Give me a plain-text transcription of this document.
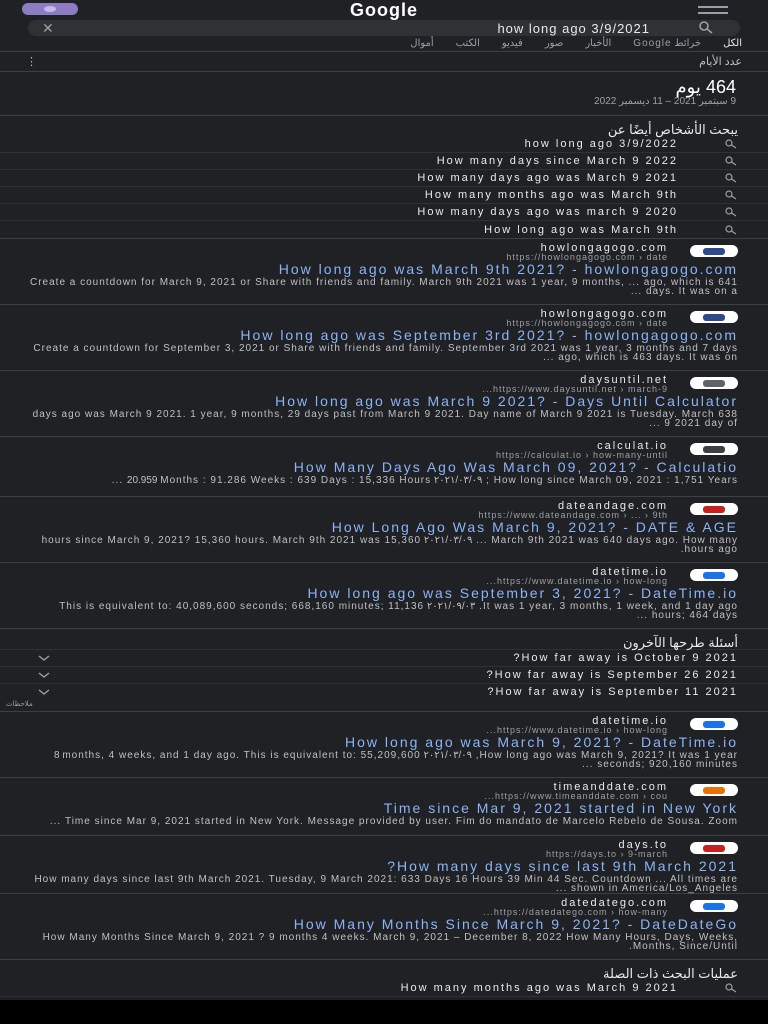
Google
how long ago 3/9/2021
✕
الكل
خرائط Google
الأخبار
صور
فيديو
الكتب
أموال
عدد الأيام
⋮
464 يوم
9 سبتمبر 2021 – 11 ديسمبر 2022
يبحث الأشخاص أيضًا عن
how long ago 3/9/2022
How many days since March 9 2022
How many days ago was March 9 2021
How many months ago was March 9th
How many days ago was march 9 2020
How long ago was March 9th
howlongagogo.com
https://howlongagogo.com › date
How long ago was March 9th 2021? - howlongagogo.com
Create a countdown for March 9, 2021 or Share with friends and family. March 9th 2021 was 1 year, 9 months, ... ago, which is 641 days. It was on a ...
howlongagogo.com
https://howlongagogo.com › date
How long ago was September 3rd 2021? - howlongagogo.com
Create a countdown for September 3, 2021 or Share with friends and family. September 3rd 2021 was 1 year, 3 months and 7 days ago, which is 463 days. It was on ...
daysuntil.net
https://www.daysuntil.net › march-9...
How long ago was March 9 2021? - Days Until Calculator
638 days ago was March 9 2021. 1 year, 9 months, 29 days past from March 9 2021. Day name of March 9 2021 is Tuesday. March 9 2021 day of ...
calculat.io
https://calculat.io › how-many-until
How Many Days Ago Was March 09, 2021? - Calculatio
How long since March 09, 2021 : 1,751 Years ; ٢٠٢١/٠٣/٠٩ 20.959 Months : 91.286 Weeks : 639 Days : 15,336 Hours ...
dateandage.com
https://www.dateandage.com › ... › 9th
How Long Ago Was March 9, 2021? - DATE & AGE
March 9th 2021 was 640 days ago. How many ... ٢٠٢١/٠٣/٠٩ hours since March 9, 2021? 15,360 hours. March 9th 2021 was 15,360 hours ago.
datetime.io
https://www.datetime.io › how-long...
How long ago was September 3, 2021? - DateTime.io
It was 1 year, 3 months, 1 week, and 1 day ago. ٢٠٢١/٠٩/٠٣ This is equivalent to: 40,089,600 seconds; 668,160 minutes; 11,136 hours; 464 days ...
أسئلة طرحها الآخرون
How far away is October 9 2021?
How far away is September 26 2021?
How far away is September 11 2021?
ملاحظات
datetime.io
https://www.datetime.io › how-long...
How long ago was March 9, 2021? - DateTime.io
How long ago was March 9, 2021? It was 1 year, ٢٠٢١/٠٣/٠٩ 8 months, 4 weeks, and 1 day ago. This is equivalent to: 55,209,600 seconds; 920,160 minutes ...
timeanddate.com
https://www.timeanddate.com › cou...
Time since Mar 9, 2021 started in New York
Time since Mar 9, 2021 started in New York. Message provided by user. Fim do mandato de Marcelo Rebelo de Sousa. Zoom ...
days.to
https://days.to › 9-march
How many days since last 9th March 2021?
How many days since last 9th March 2021. Tuesday, 9 March 2021: 633 Days 16 Hours 39 Min 44 Sec. Countdown ... All times are shown in America/Los_Angeles ...
datedatego.com
https://datedatego.com › how-many...
How Many Months Since March 9, 2021? - DateDateGo
How Many Months Since March 9, 2021 ? 9 months 4 weeks. March 9, 2021 – December 8, 2022 How Many Hours, Days, Weeks, Months, Since/Until.
عمليات البحث ذات الصلة
How many months ago was March 9 2021
